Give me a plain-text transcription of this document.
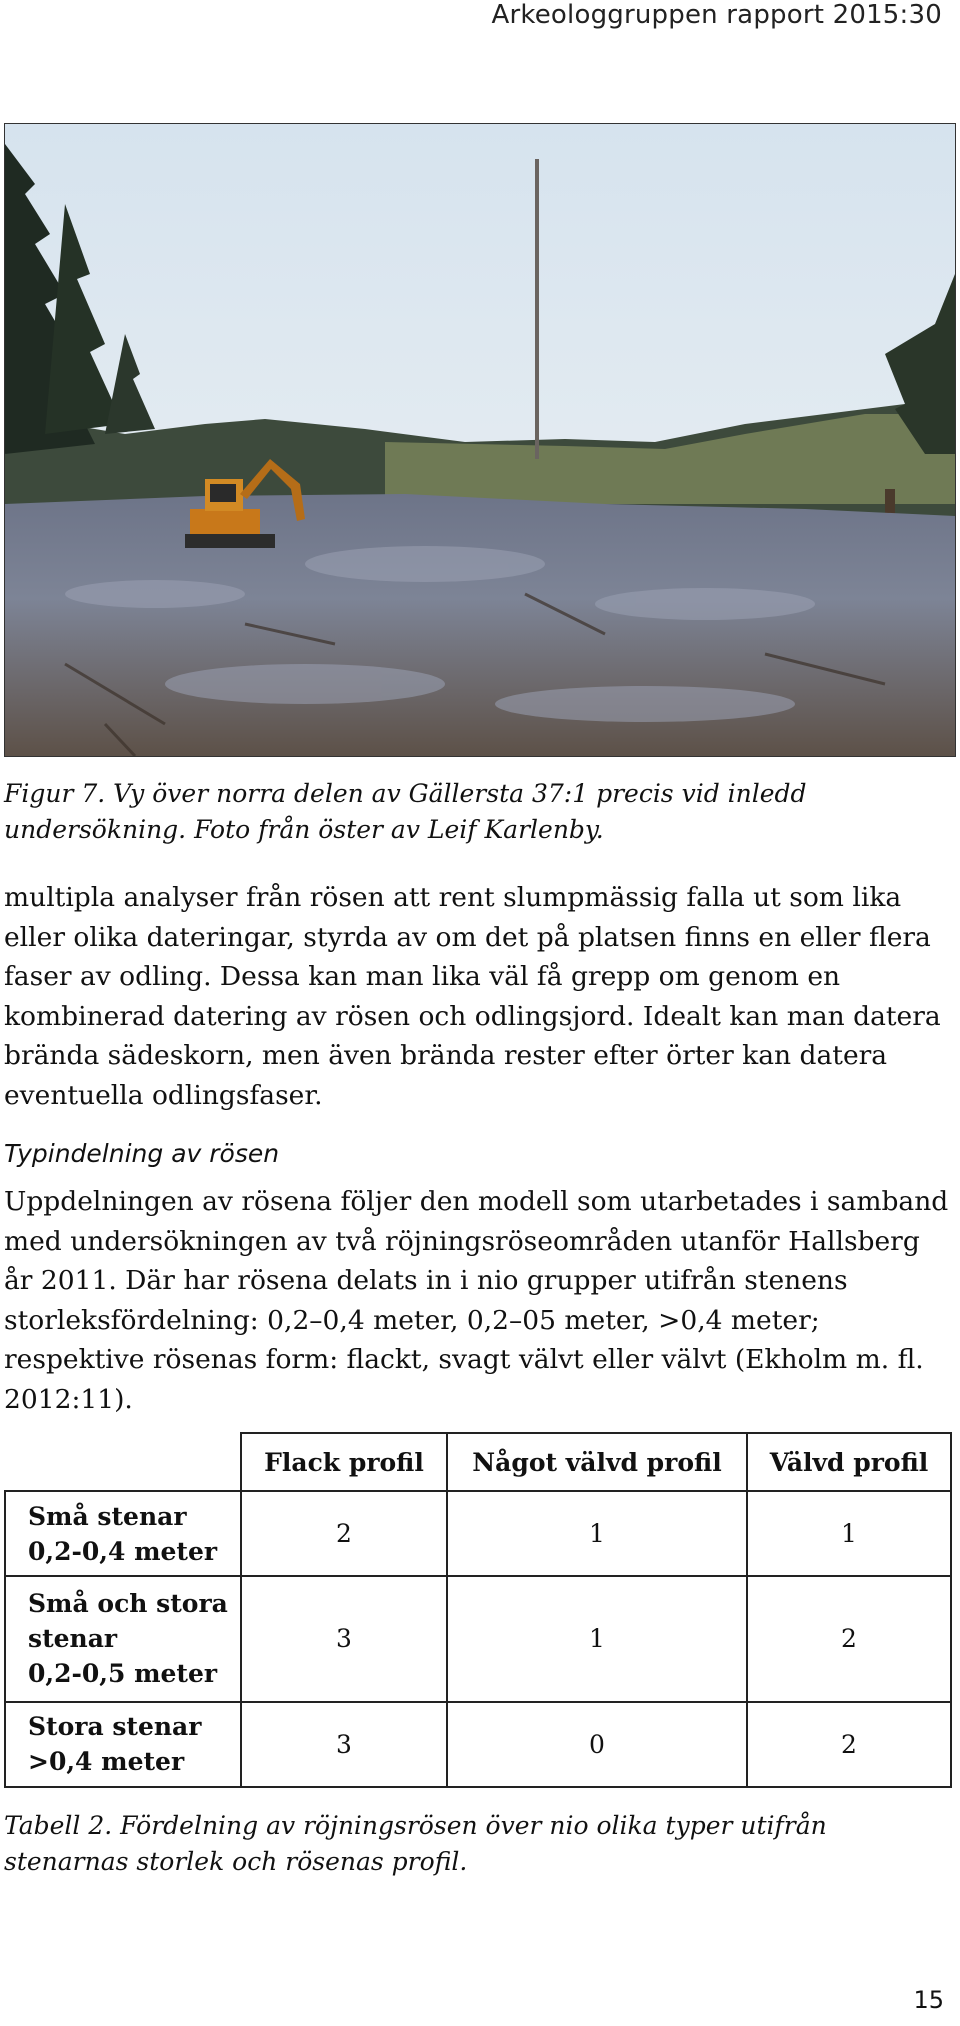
Arkeologgruppen rapport 2015:30
Figur 7. Vy över norra delen av Gällersta 37:1 precis vid inledd undersökning. Foto från öster av Leif Karlenby.

multipla analyser från rösen att rent slumpmässig falla ut som lika eller olika dateringar, styrda av om det på platsen finns en eller flera faser av odling. Dessa kan man lika väl få grepp om genom en kombinerad datering av rösen och odlingsjord. Idealt kan man datera brända sädeskorn, men även brända rester efter örter kan datera eventuella odlingsfaser.

Typindelning av rösen

Uppdelningen av rösena följer den modell som utarbetades i samband med undersökningen av två röjningsröseområden utanför Hallsberg år 2011. Där har rösena delats in i nio grupper utifrån stenens storleksfördelning: 0,2–0,4 meter, 0,2–05 meter, >0,4 meter; respektive rösenas form: flackt, svagt välvt eller välvt (Ekholm m. fl. 2012:11).

	Flack profil	Något välvd profil	Välvd profil
Små stenar
0,2-0,4 meter	2	1	1
Små och stora
stenar
0,2-0,5 meter	3	1	2
Stora stenar
>0,4 meter	3	0	2
Tabell 2. Fördelning av röjningsrösen över nio olika typer utifrån stenarnas storlek och rösenas profil.
15
